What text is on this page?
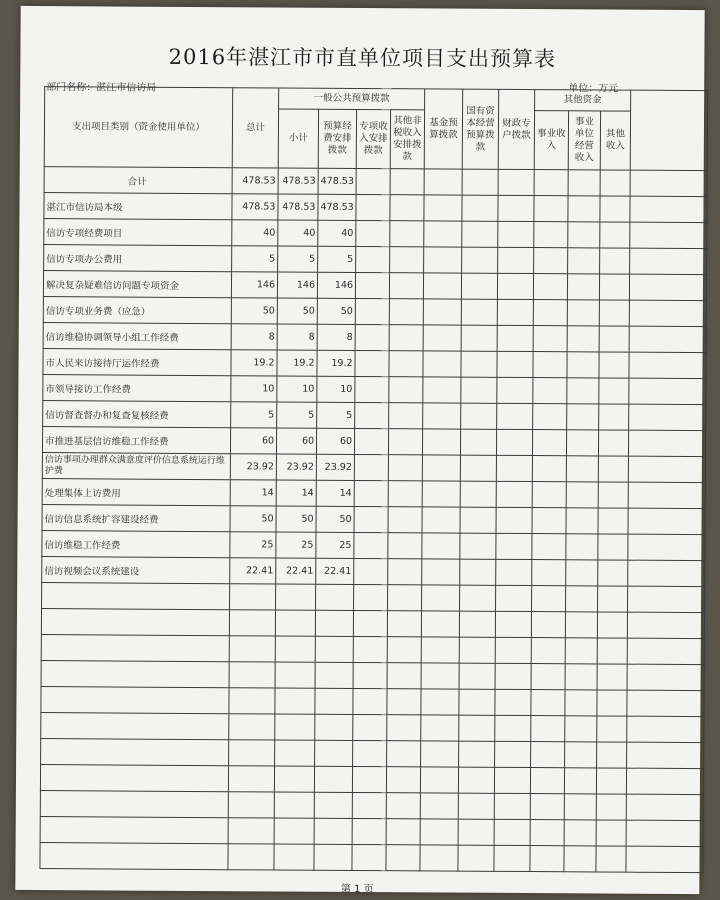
2016年湛江市市直单位项目支出预算表
部门名称：湛江市信访局	单位：万元
支出项目类别（资金使用单位）	总计	一般公共预算拨款				基金预算拨款	国有资本经营预算拨款	财政专户拨款	其他资金			
		小计	预算经费安排拨款	专项收入安排拨款	其他非税收入安排拨款				事业收入	事业单位经营收入	其他收入	
合计	478.53	478.53	478.53									
湛江市信访局本级	478.53	478.53	478.53									
信访专项经费项目	40	40	40									
信访专项办公费用	5	5	5									
解决复杂疑难信访问题专项资金	146	146	146									
信访专项业务费（应急）	50	50	50									
信访维稳协调领导小组工作经费	8	8	8									
市人民来访接待厅运作经费	19.2	19.2	19.2									
市领导接访工作经费	10	10	10									
信访督查督办和复查复核经费	5	5	5									
市推进基层信访维稳工作经费	60	60	60									
信访事项办理群众满意度评价信息系统运行维护费	23.92	23.92	23.92									
处理集体上访费用	14	14	14									
信访信息系统扩容建设经费	50	50	50									
信访维稳工作经费	25	25	25									
信访视频会议系统建设	22.41	22.41	22.41									

第 1 页
